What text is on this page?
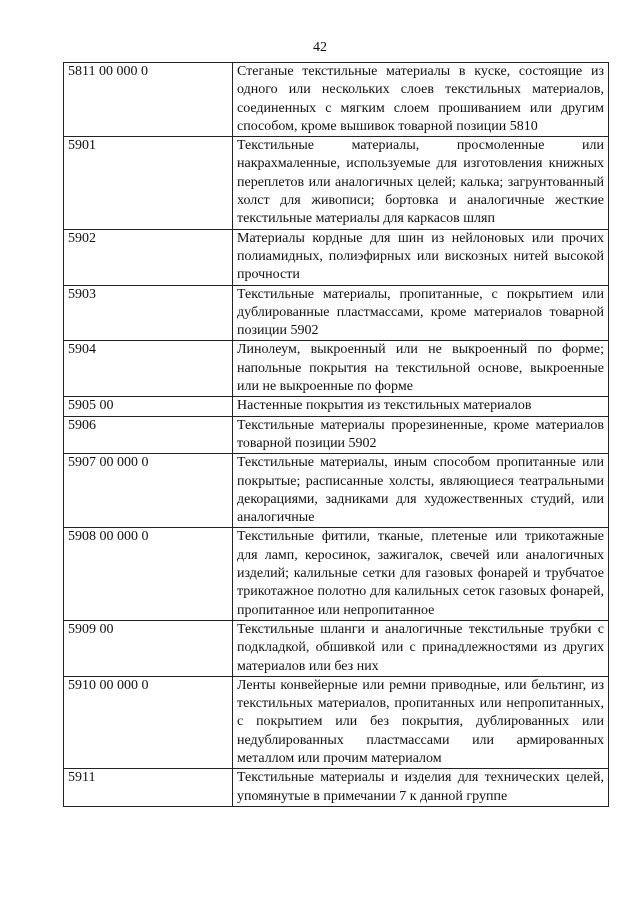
42
5811 00 000 0	Стеганые текстильные материалы в куске, состоящие из одного или нескольких слоев текстильных материалов, соединенных с мягким слоем прошиванием или другим способом, кроме вышивок товарной позиции 5810
5901	Текстильные материалы, просмоленные или накрахмаленные, используемые для изготовления книжных переплетов или аналогичных целей; калька; загрунтованный холст для живописи; бортовка и аналогичные жесткие текстильные материалы для каркасов шляп
5902	Материалы кордные для шин из нейлоновых или прочих полиамидных, полиэфирных или вискозных нитей высокой прочности
5903	Текстильные материалы, пропитанные, с покрытием или дублированные пластмассами, кроме материалов товарной позиции 5902
5904	Линолеум, выкроенный или не выкроенный по форме; напольные покрытия на текстильной основе, выкроенные или не выкроенные по форме
5905 00	Настенные покрытия из текстильных материалов
5906	Текстильные материалы прорезиненные, кроме материалов товарной позиции 5902
5907 00 000 0	Текстильные материалы, иным способом пропитанные или покрытые; расписанные холсты, являющиеся театральными декорациями, задниками для художественных студий, или аналогичные
5908 00 000 0	Текстильные фитили, тканые, плетеные или трикотажные для ламп, керосинок, зажигалок, свечей или аналогичных изделий; калильные сетки для газовых фонарей и трубчатое трикотажное полотно для калильных сеток газовых фонарей, пропитанное или непропитанное
5909 00	Текстильные шланги и аналогичные текстильные трубки с подкладкой, обшивкой или с принадлежностями из других материалов или без них
5910 00 000 0	Ленты конвейерные или ремни приводные, или бельтинг, из текстильных материалов, пропитанных или непропитанных, с покрытием или без покрытия, дублированных или недублированных пластмассами или армированных металлом или прочим материалом
5911	Текстильные материалы и изделия для технических целей, упомянутые в примечании 7 к данной группе
